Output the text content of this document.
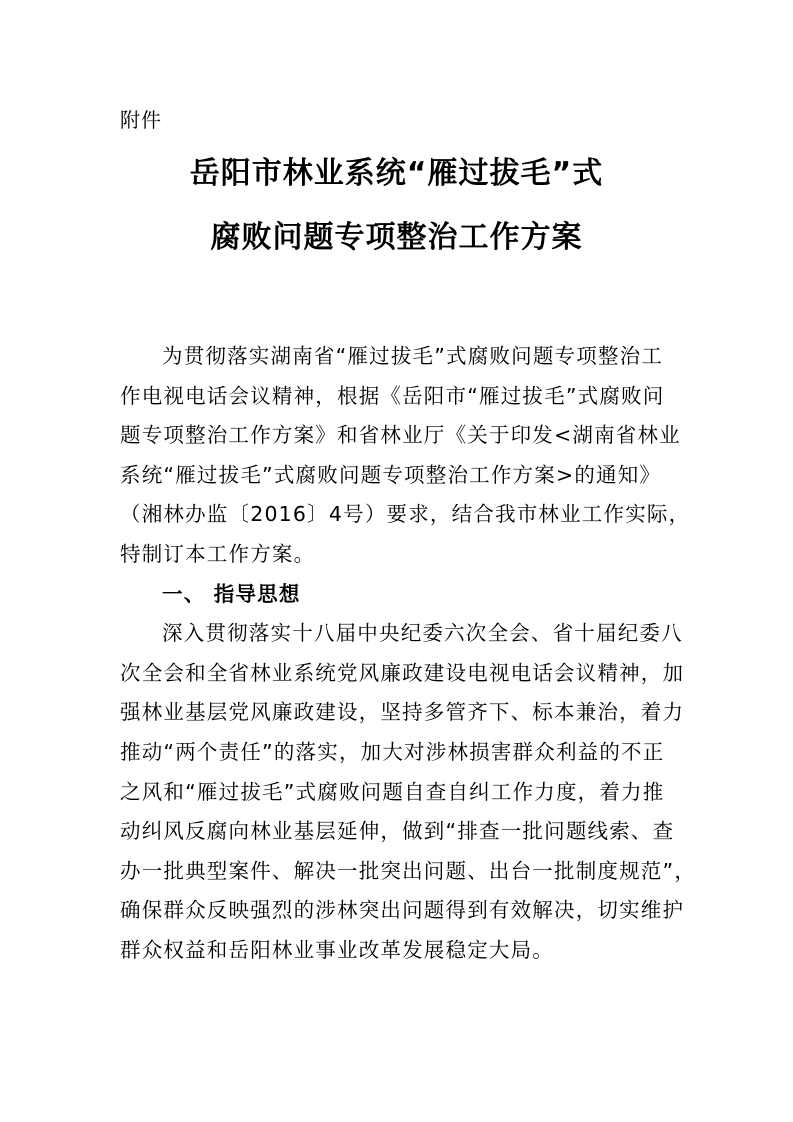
附件
岳阳市林业系统“雁过拔毛”式
腐败问题专项整治工作方案
为贯彻落实湖南省“雁过拔毛”式腐败问题专项整治工
作电视电话会议精神，根据《岳阳市“雁过拔毛”式腐败问
题专项整治工作方案》和省林业厅《关于印发<湖南省林业
系统“雁过拔毛”式腐败问题专项整治工作方案>的通知》
（湘林办监〔2016〕4号）要求，结合我市林业工作实际，
特制订本工作方案。
一、 指导思想
深入贯彻落实十八届中央纪委六次全会、省十届纪委八
次全会和全省林业系统党风廉政建设电视电话会议精神，加
强林业基层党风廉政建设，坚持多管齐下、标本兼治，着力
推动“两个责任”的落实，加大对涉林损害群众利益的不正
之风和“雁过拔毛”式腐败问题自查自纠工作力度，着力推
动纠风反腐向林业基层延伸，做到“排查一批问题线索、查
办一批典型案件、解决一批突出问题、出台一批制度规范”，
确保群众反映强烈的涉林突出问题得到有效解决，切实维护
群众权益和岳阳林业事业改革发展稳定大局。
